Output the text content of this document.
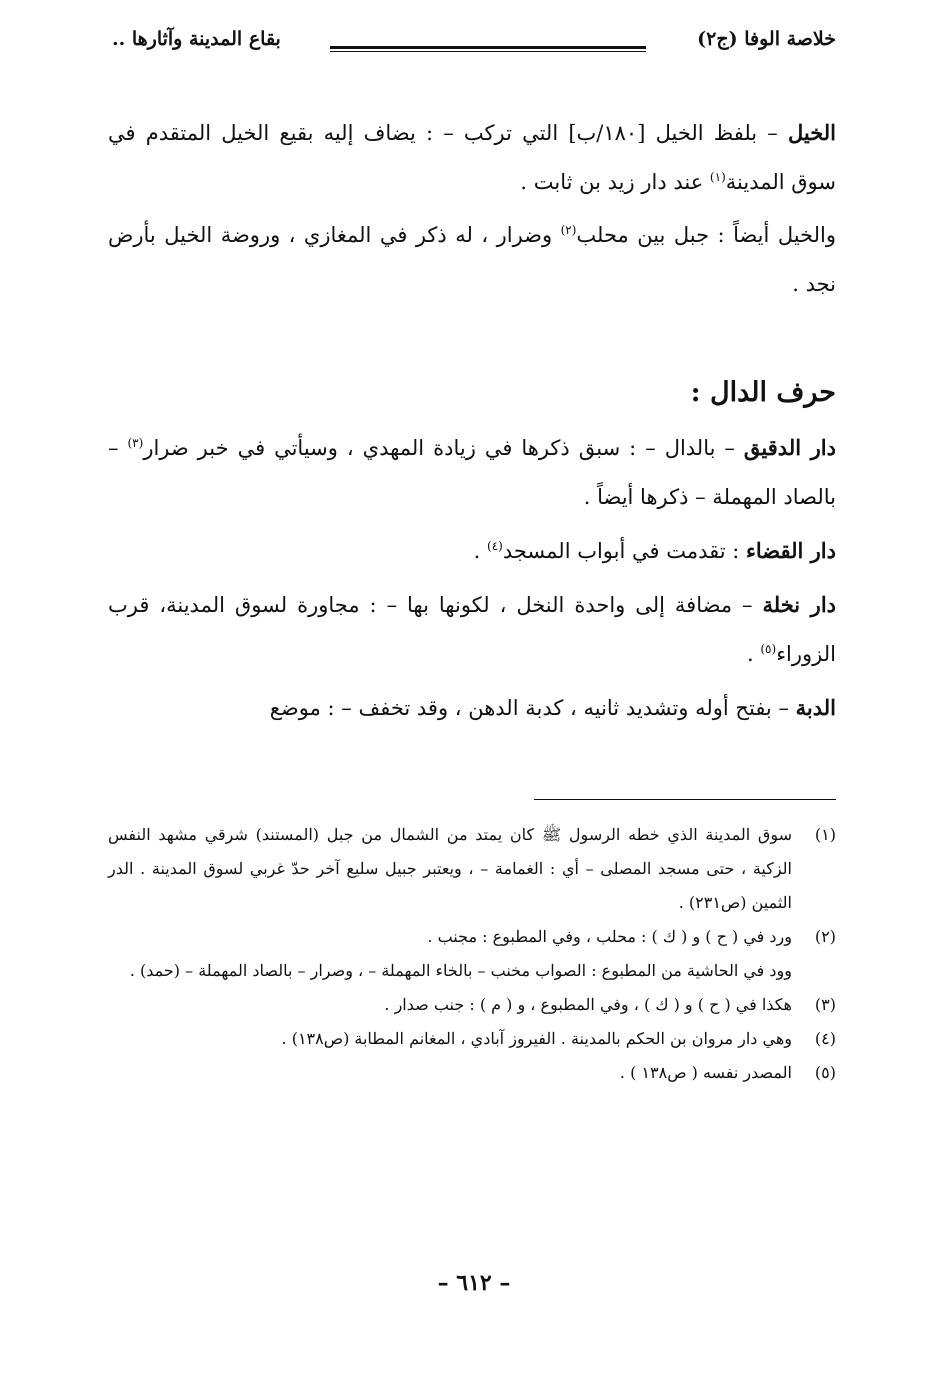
خلاصة الوفا (ج٢)
بقاع المدينة وآثارها ..

الخيل – بلفظ الخيل [١٨٠/ب] التي تركب – : يضاف إليه بقيع الخيل المتقدم في سوق المدينة$^{(١)}$ عند دار زيد بن ثابت .

والخيل أيضاً : جبل بين محلب$^{(٢)}$ وضرار ، له ذكر في المغازي ، وروضة الخيل بأرض نجد .

حرف الدال :

دار الدقيق – بالدال – : سبق ذكرها في زيادة المهدي ، وسيأتي في خبر ضرار$^{(٣)}$ – بالصاد المهملة – ذكرها أيضاً .

دار القضاء : تقدمت في أبواب المسجد$^{(٤)}$ .

دار نخلة – مضافة إلى واحدة النخل ، لكونها بها – : مجاورة لسوق المدينة، قرب الزوراء$^{(٥)}$ .

الدبة – بفتح أوله وتشديد ثانيه ، كدبة الدهن ، وقد تخفف – : موضع

(١)
سوق المدينة الذي خطه الرسول ﷺ كان يمتد من الشمال من جبل (المستند) شرقي مشهد النفس الزكية ، حتى مسجد المصلى – أي : الغمامة – ، ويعتبر جبيل سليع آخر حدّ غربي لسوق المدينة . الدر الثمين (ص٢٣١) .
(٢)
ورد في ( ح ) و ( ك ) : محلب ، وفي المطبوع : مجنب .

وود في الحاشية من المطبوع : الصواب مخنب – بالخاء المهملة – ، وصرار – بالصاد المهملة – (حمد) .

(٣)
هكذا في ( ح ) و ( ك ) ، وفي المطبوع ، و ( م ) : جنب صدار .
(٤)
وهي دار مروان بن الحكم بالمدينة . الفيروز آبادي ، المغانم المطابة (ص١٣٨) .
(٥)
المصدر نفسه ( ص١٣٨ ) .
– ٦١٢ –
